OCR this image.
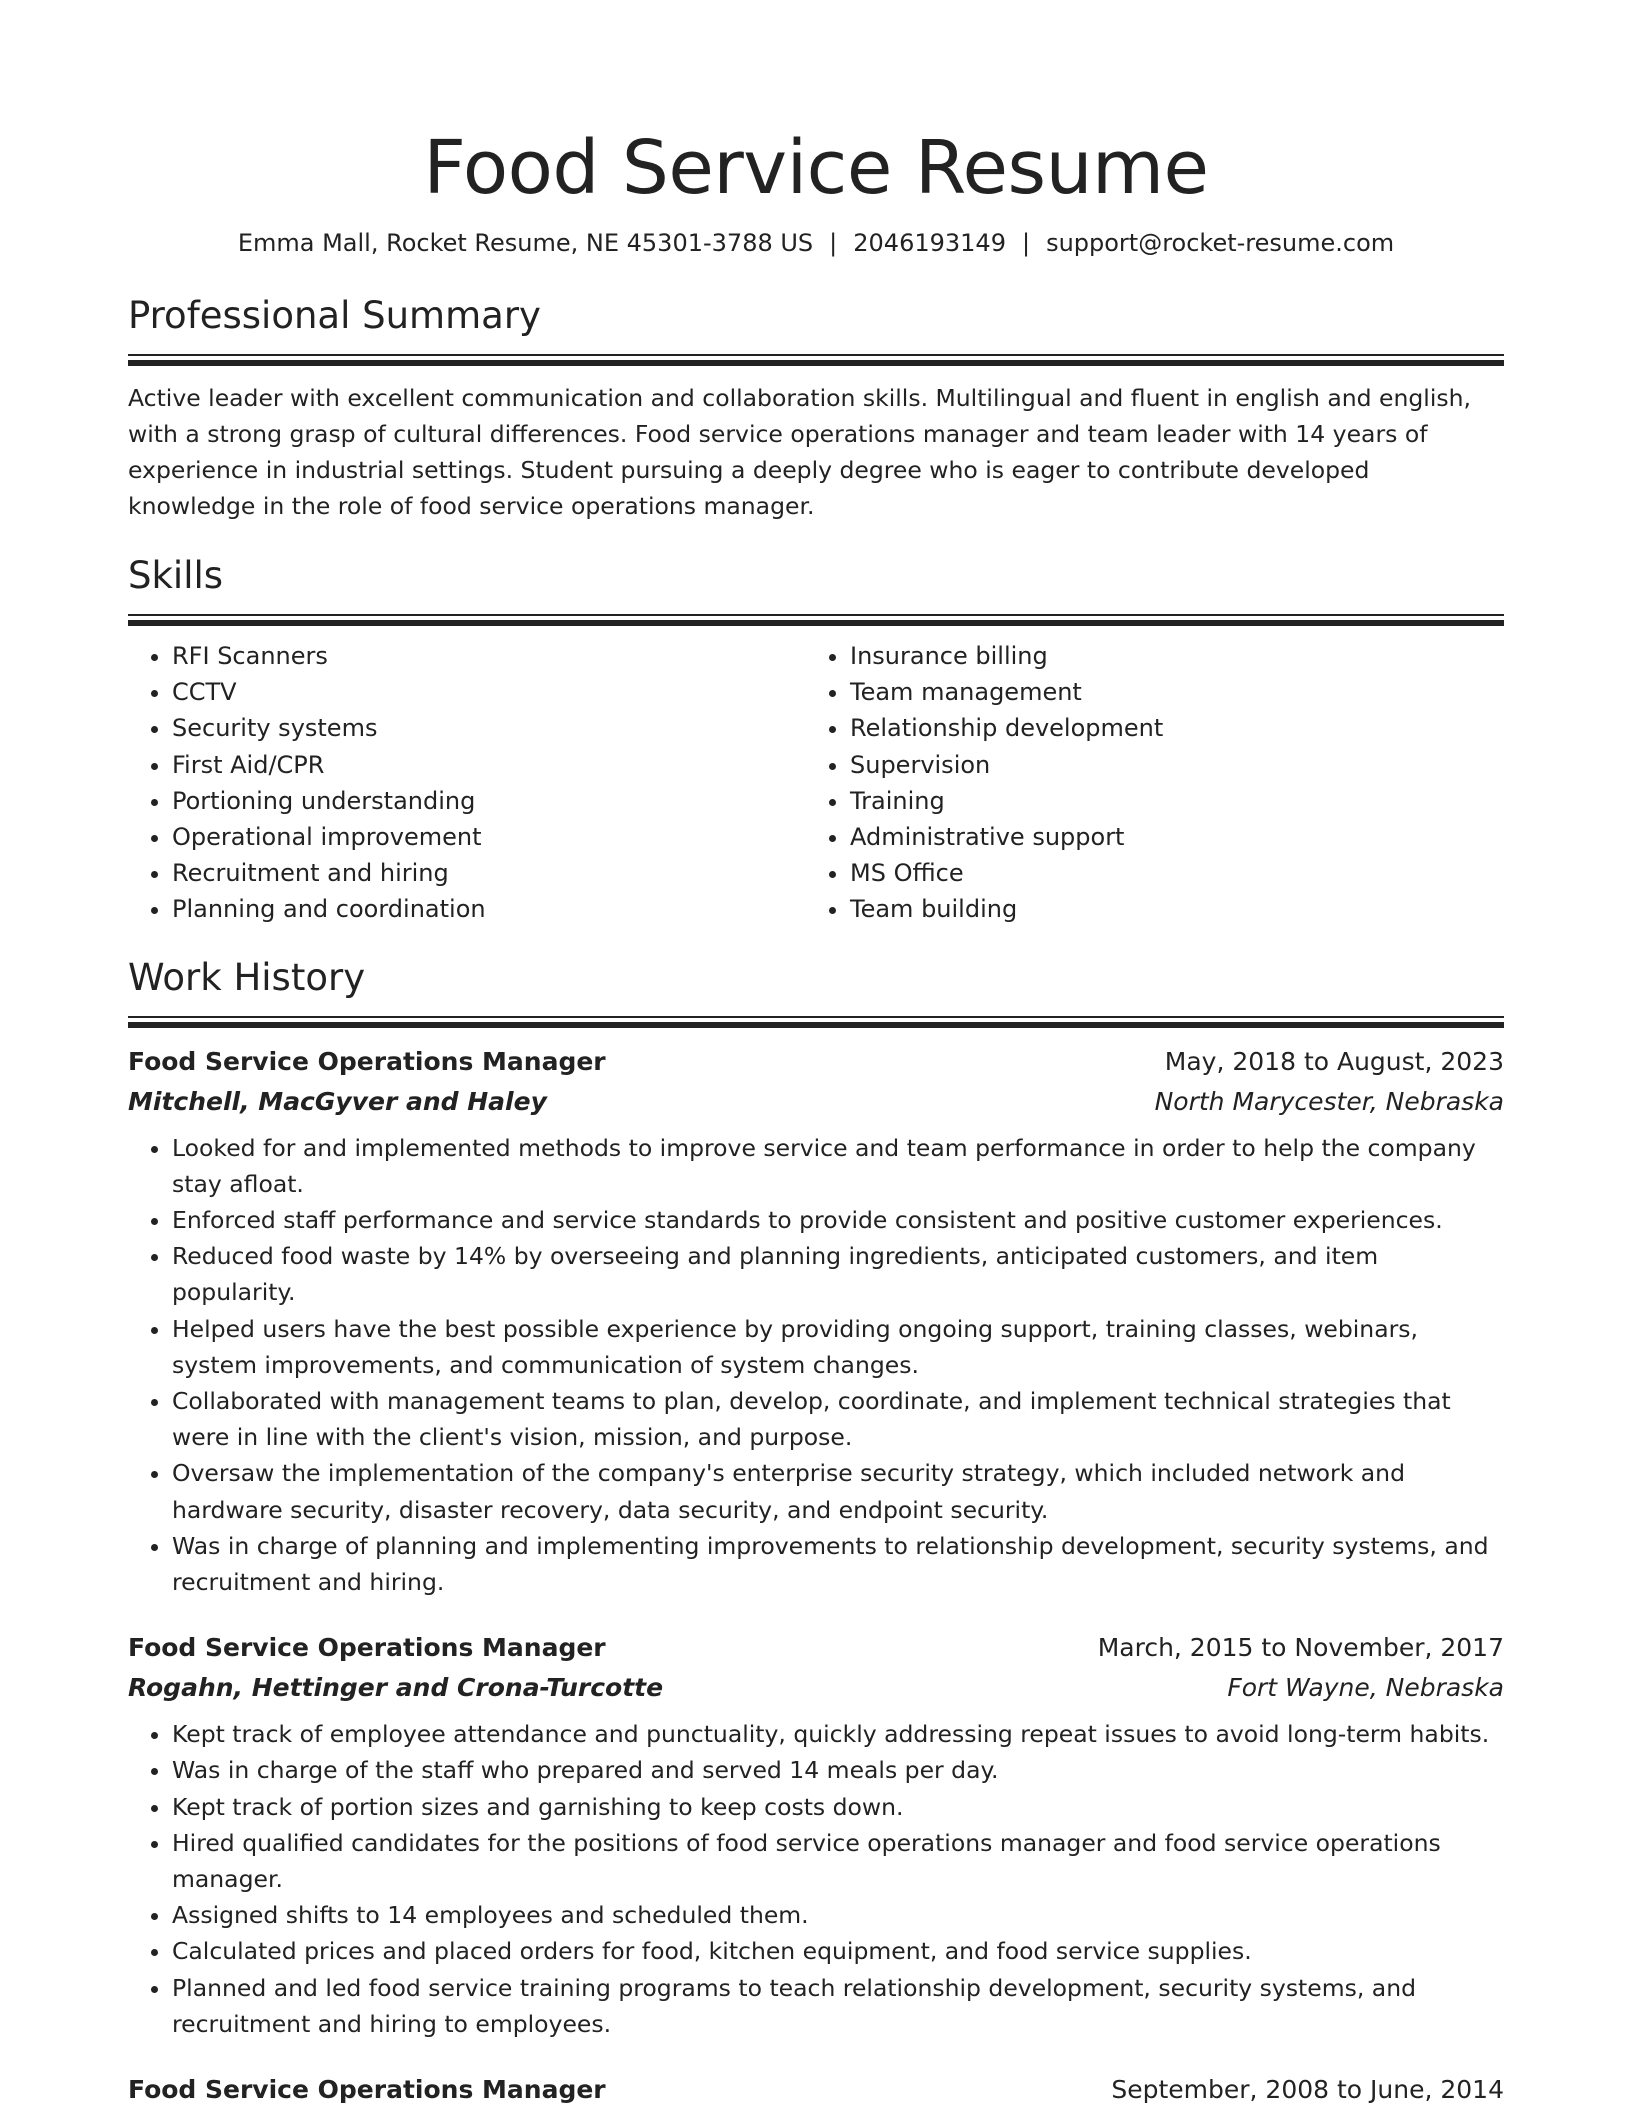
Food Service Resume
Emma Mall, Rocket Resume, NE 45301-3788 US | 2046193149 | support@rocket-resume.com
Professional Summary
Active leader with excellent communication and collaboration skills. Multilingual and fluent in english and english, with a strong grasp of cultural differences. Food service operations manager and team leader with 14 years of experience in industrial settings. Student pursuing a deeply degree who is eager to contribute developed knowledge in the role of food service operations manager.
Skills
• RFI Scanners
• CCTV
• Security systems
• First Aid/CPR
• Portioning understanding
• Operational improvement
• Recruitment and hiring
• Planning and coordination
• Insurance billing
• Team management
• Relationship development
• Supervision
• Training
• Administrative support
• MS Office
• Team building
Work History
Food Service Operations Manager	May, 2018 to August, 2023
Mitchell, MacGyver and Haley	North Marycester, Nebraska
• Looked for and implemented methods to improve service and team performance in order to help the company stay afloat.
• Enforced staff performance and service standards to provide consistent and positive customer experiences.
• Reduced food waste by 14% by overseeing and planning ingredients, anticipated customers, and item popularity.
• Helped users have the best possible experience by providing ongoing support, training classes, webinars, system improvements, and communication of system changes.
• Collaborated with management teams to plan, develop, coordinate, and implement technical strategies that were in line with the client's vision, mission, and purpose.
• Oversaw the implementation of the company's enterprise security strategy, which included network and hardware security, disaster recovery, data security, and endpoint security.
• Was in charge of planning and implementing improvements to relationship development, security systems, and recruitment and hiring.
Food Service Operations Manager	March, 2015 to November, 2017
Rogahn, Hettinger and Crona-Turcotte	Fort Wayne, Nebraska
• Kept track of employee attendance and punctuality, quickly addressing repeat issues to avoid long-term habits.
• Was in charge of the staff who prepared and served 14 meals per day.
• Kept track of portion sizes and garnishing to keep costs down.
• Hired qualified candidates for the positions of food service operations manager and food service operations manager.
• Assigned shifts to 14 employees and scheduled them.
• Calculated prices and placed orders for food, kitchen equipment, and food service supplies.
• Planned and led food service training programs to teach relationship development, security systems, and recruitment and hiring to employees.
Food Service Operations Manager	September, 2008 to June, 2014
